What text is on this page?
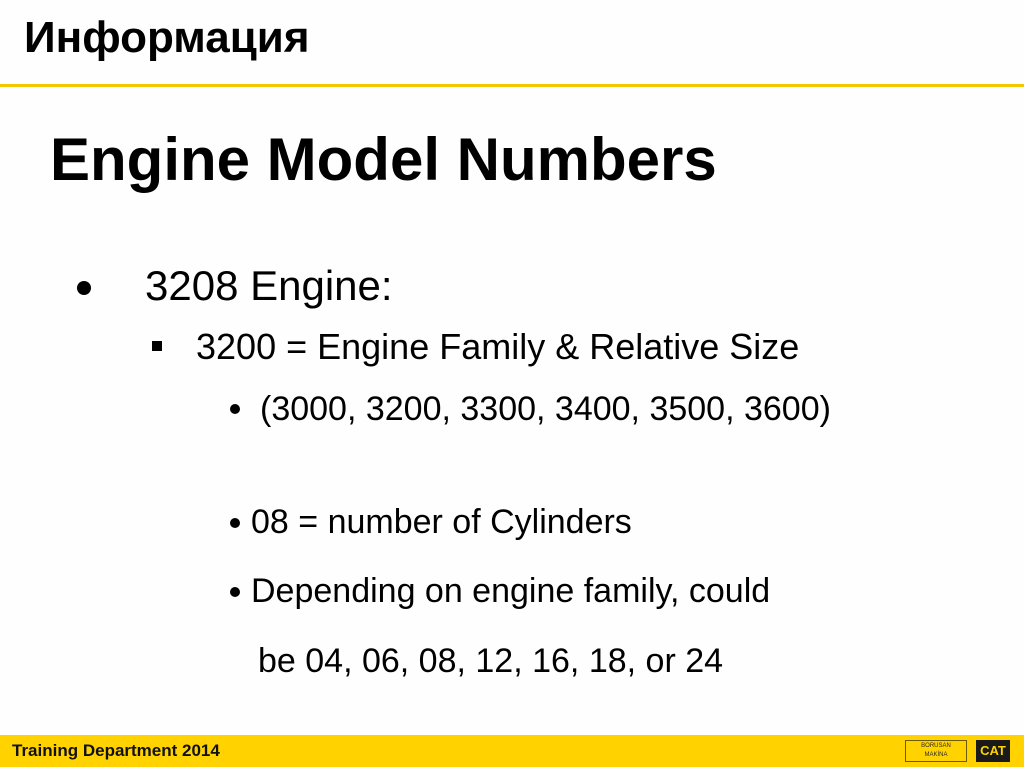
Информация
Engine Model Numbers
3208 Engine:
3200 = Engine Family & Relative Size
(3000, 3200, 3300, 3400, 3500, 3600)
08 = number of Cylinders
Depending on engine family, could
be 04, 06, 08, 12, 16, 18, or 24
Training Department 2014	BORUSAN
MAKİNA	CAT
